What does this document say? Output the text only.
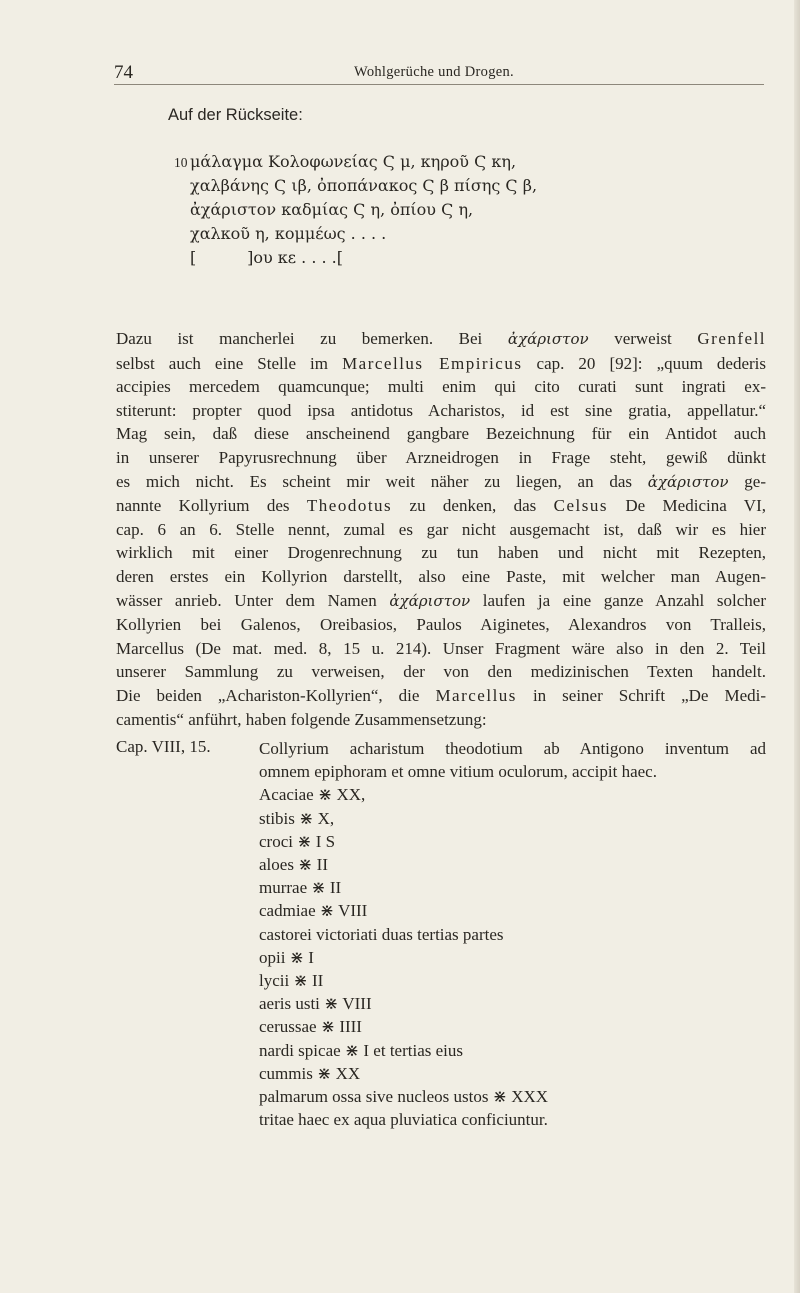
74	Wohlgerüche und Drogen.
Auf der Rückseite:
10 μάλαγμα Κολοφωνείας Ϛ μ, κηροῦ Ϛ κη,
χαλβάνης Ϛ ιβ, ὀποπάνακος Ϛ β πίσης Ϛ β,
ἀχάριστον καδμίας Ϛ η, ὀπίου Ϛ η,
χαλκοῦ η, κομμέως . . . .
[          ]ου κε . . . .[

Dazu ist mancherlei zu bemerken. Bei ἀχάριστον verweist Grenfell

selbst auch eine Stelle im Marcellus Empiricus cap. 20 [92]: „quum dederis

accipies mercedem quamcunque; multi enim qui cito curati sunt ingrati ex-

stiterunt: propter quod ipsa antidotus Acharistos, id est sine gratia, appellatur.“

Mag sein, daß diese anscheinend gangbare Bezeichnung für ein Antidot auch

in unserer Papyrusrechnung über Arzneidrogen in Frage steht, gewiß dünkt

es mich nicht. Es scheint mir weit näher zu liegen, an das ἀχάριστον ge-

nannte Kollyrium des Theodotus zu denken, das Celsus De Medicina VI,

cap. 6 an 6. Stelle nennt, zumal es gar nicht ausgemacht ist, daß wir es hier

wirklich mit einer Drogenrechnung zu tun haben und nicht mit Rezepten,

deren erstes ein Kollyrion darstellt, also eine Paste, mit welcher man Augen-

wässer anrieb. Unter dem Namen ἀχάριστον laufen ja eine ganze Anzahl solcher

Kollyrien bei Galenos, Oreibasios, Paulos Aiginetes, Alexandros von Tralleis,

Marcellus (De mat. med. 8, 15 u. 214). Unser Fragment wäre also in den 2. Teil

unserer Sammlung zu verweisen, der von den medizinischen Texten handelt.

Die beiden „Achariston-Kollyrien“, die Marcellus in seiner Schrift „De Medi-

camentis“ anführt, haben folgende Zusammensetzung:

Cap. VIII, 15.	Collyrium acharistum theodotium ab Antigono inventum ad
omnem epiphoram et omne vitium oculorum, accipit haec.
Acaciae ⋇ XX,
stibis ⋇ X,
croci ⋇ I S
aloes ⋇ II
murrae ⋇ II
cadmiae ⋇ VIII
castorei victoriati duas tertias partes
opii ⋇ I
lycii ⋇ II
aeris usti ⋇ VIII
cerussae ⋇ IIII
nardi spicae ⋇ I et tertias eius
cummis ⋇ XX
palmarum ossa sive nucleos ustos ⋇ XXX
tritae haec ex aqua pluviatica conficiuntur.
